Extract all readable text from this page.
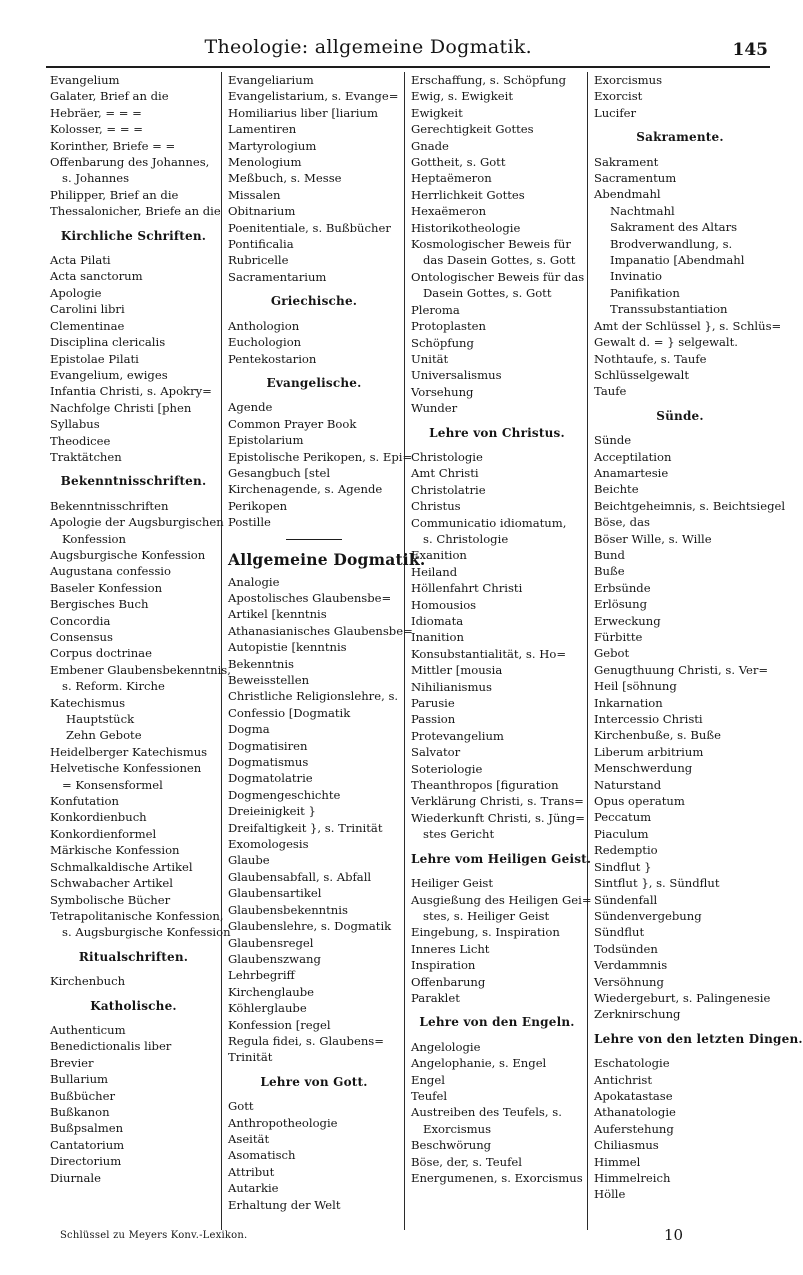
Theologie: allgemeine Dogmatik.	145
Evangelium
Galater, Brief an die
Hebräer, = = =
Kolosser, = = =
Korinther, Briefe = =
Offenbarung des Johannes,
s. Johannes
Philipper, Brief an die
Thessalonicher, Briefe an die
Kirchliche Schriften.
Acta Pilati
Acta sanctorum
Apologie
Carolini libri
Clementinae
Disciplina clericalis
Epistolae Pilati
Evangelium, ewiges
Infantia Christi, s. Apokry=
Nachfolge Christi [phen
Syllabus
Theodicee
Traktätchen
Bekenntnisschriften.
Bekenntnisschriften
Apologie der Augsburgischen
Konfession
Augsburgische Konfession
Augustana confessio
Baseler Konfession
Bergisches Buch
Concordia
Consensus
Corpus doctrinae
Embener Glaubensbekenntnis,
s. Reform. Kirche
Katechismus
Hauptstück
Zehn Gebote
Heidelberger Katechismus
Helvetische Konfessionen
= Konsensformel
Konfutation
Konkordienbuch
Konkordienformel
Märkische Konfession
Schmalkaldische Artikel
Schwabacher Artikel
Symbolische Bücher
Tetrapolitanische Konfession,
s. Augsburgische Konfession
Ritualschriften.
Kirchenbuch
Katholische.
Authenticum
Benedictionalis liber
Brevier
Bullarium
Bußbücher
Bußkanon
Bußpsalmen
Cantatorium
Directorium
Diurnale
Evangeliarium
Evangelistarium, s. Evange=
Homiliarius liber [liarium
Lamentiren
Martyrologium
Menologium
Meßbuch, s. Messe
Missalen
Obitnarium
Poenitentiale, s. Bußbücher
Pontificalia
Rubricelle
Sacramentarium
Griechische.
Anthologion
Euchologion
Pentekostarion
Evangelische.
Agende
Common Prayer Book
Epistolarium
Epistolische Perikopen, s. Epi=
Gesangbuch [stel
Kirchenagende, s. Agende
Perikopen
Postille
Allgemeine Dogmatik.
Analogie
Apostolisches Glaubensbe=
Artikel [kenntnis
Athanasianisches Glaubensbe=
Autopistie [kenntnis
Bekenntnis
Beweisstellen
Christliche Religionslehre, s.
Confessio [Dogmatik
Dogma
Dogmatisiren
Dogmatismus
Dogmatolatrie
Dogmengeschichte
Dreieinigkeit }
Dreifaltigkeit }, s. Trinität
Exomologesis
Glaube
Glaubensabfall, s. Abfall
Glaubensartikel
Glaubensbekenntnis
Glaubenslehre, s. Dogmatik
Glaubensregel
Glaubenszwang
Lehrbegriff
Kirchenglaube
Köhlerglaube
Konfession [regel
Regula fidei, s. Glaubens=
Trinität
Lehre von Gott.
Gott
Anthropotheologie
Aseität
Asomatisch
Attribut
Autarkie
Erhaltung der Welt
Erschaffung, s. Schöpfung
Ewig, s. Ewigkeit
Ewigkeit
Gerechtigkeit Gottes
Gnade
Gottheit, s. Gott
Heptaëmeron
Herrlichkeit Gottes
Hexaëmeron
Historikotheologie
Kosmologischer Beweis für
das Dasein Gottes, s. Gott
Ontologischer Beweis für das
Dasein Gottes, s. Gott
Pleroma
Protoplasten
Schöpfung
Unität
Universalismus
Vorsehung
Wunder
Lehre von Christus.
Christologie
Amt Christi
Christolatrie
Christus
Communicatio idiomatum,
s. Christologie
Exanition
Heiland
Höllenfahrt Christi
Homousios
Idiomata
Inanition
Konsubstantialität, s. Ho=
Mittler [mousia
Nihilianismus
Parusie
Passion
Protevangelium
Salvator
Soteriologie
Theanthropos [figuration
Verklärung Christi, s. Trans=
Wiederkunft Christi, s. Jüng=
stes Gericht
Lehre vom Heiligen Geist.
Heiliger Geist
Ausgießung des Heiligen Gei=
stes, s. Heiliger Geist
Eingebung, s. Inspiration
Inneres Licht
Inspiration
Offenbarung
Paraklet
Lehre von den Engeln.
Angelologie
Angelophanie, s. Engel
Engel
Teufel
Austreiben des Teufels, s.
Exorcismus
Beschwörung
Böse, der, s. Teufel
Energumenen, s. Exorcismus
Exorcismus
Exorcist
Lucifer
Sakramente.
Sakrament
Sacramentum
Abendmahl
Nachtmahl
Sakrament des Altars
Brodverwandlung, s.
Impanatio [Abendmahl
Invinatio
Panifikation
Transsubstantiation
Amt der Schlüssel }, s. Schlüs=
Gewalt d. = } selgewalt.
Nothtaufe, s. Taufe
Schlüsselgewalt
Taufe
Sünde.
Sünde
Acceptilation
Anamartesie
Beichte
Beichtgeheimnis, s. Beichtsiegel
Böse, das
Böser Wille, s. Wille
Bund
Buße
Erbsünde
Erlösung
Erweckung
Fürbitte
Gebot
Genugthuung Christi, s. Ver=
Heil [söhnung
Inkarnation
Intercessio Christi
Kirchenbuße, s. Buße
Liberum arbitrium
Menschwerdung
Naturstand
Opus operatum
Peccatum
Piaculum
Redemptio
Sindflut }
Sintflut }, s. Sündflut
Sündenfall
Sündenvergebung
Sündflut
Todsünden
Verdammnis
Versöhnung
Wiedergeburt, s. Palingenesie
Zerknirschung
Lehre von den letzten Dingen.
Eschatologie
Antichrist
Apokatastase
Athanatologie
Auferstehung
Chiliasmus
Himmel
Himmelreich
Hölle
Schlüssel zu Meyers Konv.-Lexikon.	10
